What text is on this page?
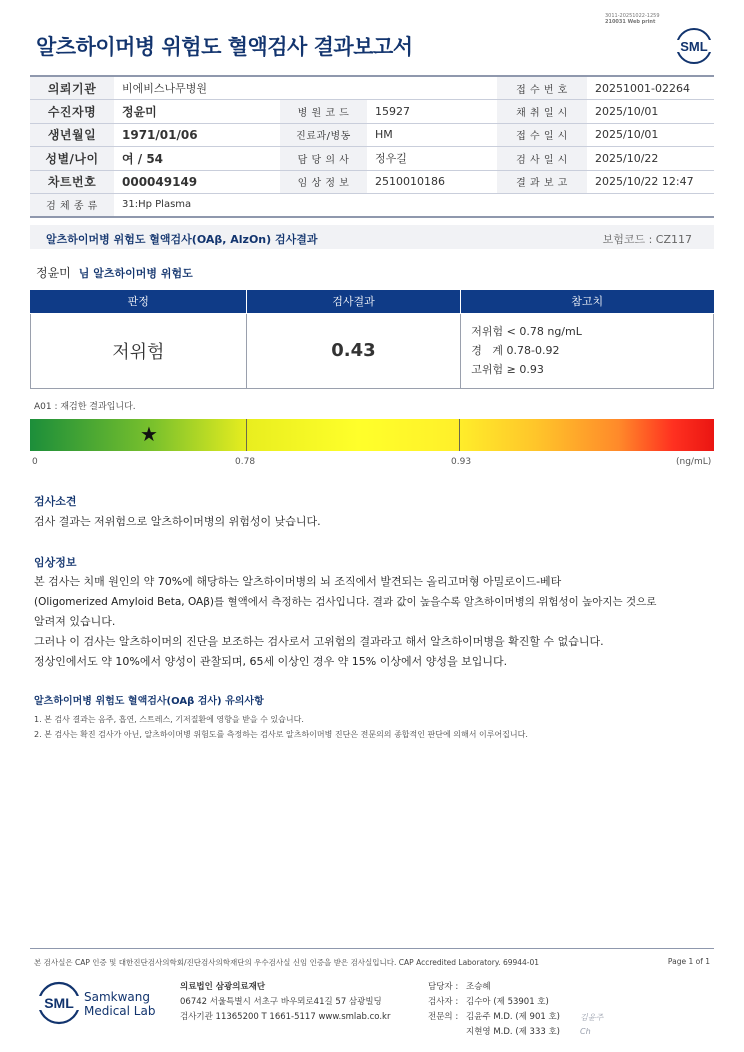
3011-20251022-1259
210031 Web print
알츠하이머병 위험도 혈액검사 결과보고서	SML
의뢰기관	비에비스나무병원			접 수 번 호	20251001-02264
수진자명	정윤미	병 원 코 드	15927	채 취 일 시	2025/10/01
생년월일	1971/01/06	진료과/병동	HM	접 수 일 시	2025/10/01
성별/나이	여 / 54	담 당 의 사	정우길	검 사 일 시	2025/10/22
차트번호	000049149	임 상 정 보	2510010186	결 과 보 고	2025/10/22 12:47
검 체 종 류	31:Hp Plasma				
알츠하이머병 위험도 혈액검사(OAβ, AlzOn) 검사결과	보험코드 : CZ117
정윤미 님 알츠하이머병 위험도
판정	검사결과	참고치
저위험	0.43	저위험 < 0.78 ng/mL
경   계 0.78-0.92
고위험 ≥ 0.93
A01 : 재검한 결과입니다.
★
0	0.78	0.93	(ng/mL)
검사소견
검사 결과는 저위험으로 알츠하이머병의 위험성이 낮습니다.
임상정보
본 검사는 치매 원인의 약 70%에 해당하는 알츠하이머병의 뇌 조직에서 발견되는 올리고머형 아밀로이드-베타
(Oligomerized Amyloid Beta, OAβ)를 혈액에서 측정하는 검사입니다. 결과 값이 높을수록 알츠하이머병의 위험성이 높아지는 것으로
알려져 있습니다.
그러나 이 검사는 알츠하이머의 진단을 보조하는 검사로서 고위험의 결과라고 해서 알츠하이머병을 확진할 수 없습니다.
정상인에서도 약 10%에서 양성이 관찰되며, 65세 이상인 경우 약 15% 이상에서 양성을 보입니다.
알츠하이머병 위험도 혈액검사(OAβ 검사) 유의사항
1. 본 검사 결과는 음주, 흡연, 스트레스, 기저질환에 영향을 받을 수 있습니다.
2. 본 검사는 확진 검사가 아닌, 알츠하이머병 위험도를 측정하는 검사로 알츠하이머병 진단은 전문의의 종합적인 판단에 의해서 이루어집니다.
본 검사실은 CAP 인증 및 대한진단검사의학회/진단검사의학재단의 우수검사실 신임 인증을 받은 검사실입니다. CAP Accredited Laboratory. 69944-01	Page 1 of 1
SML Samkwang
Medical Lab
의료법인 삼광의료재단
06742 서울특별시 서초구 바우뫼로41길 57 삼광빌딩
검사기관 11365200 T 1661-5117 www.smlab.co.kr
담당자 : 조승혜
검사자 : 김수아 (제 53901 호)
전문의 : 김윤주 M.D. (제 901 호)
지현영 M.D. (제 333 호)
김윤주
Ch
